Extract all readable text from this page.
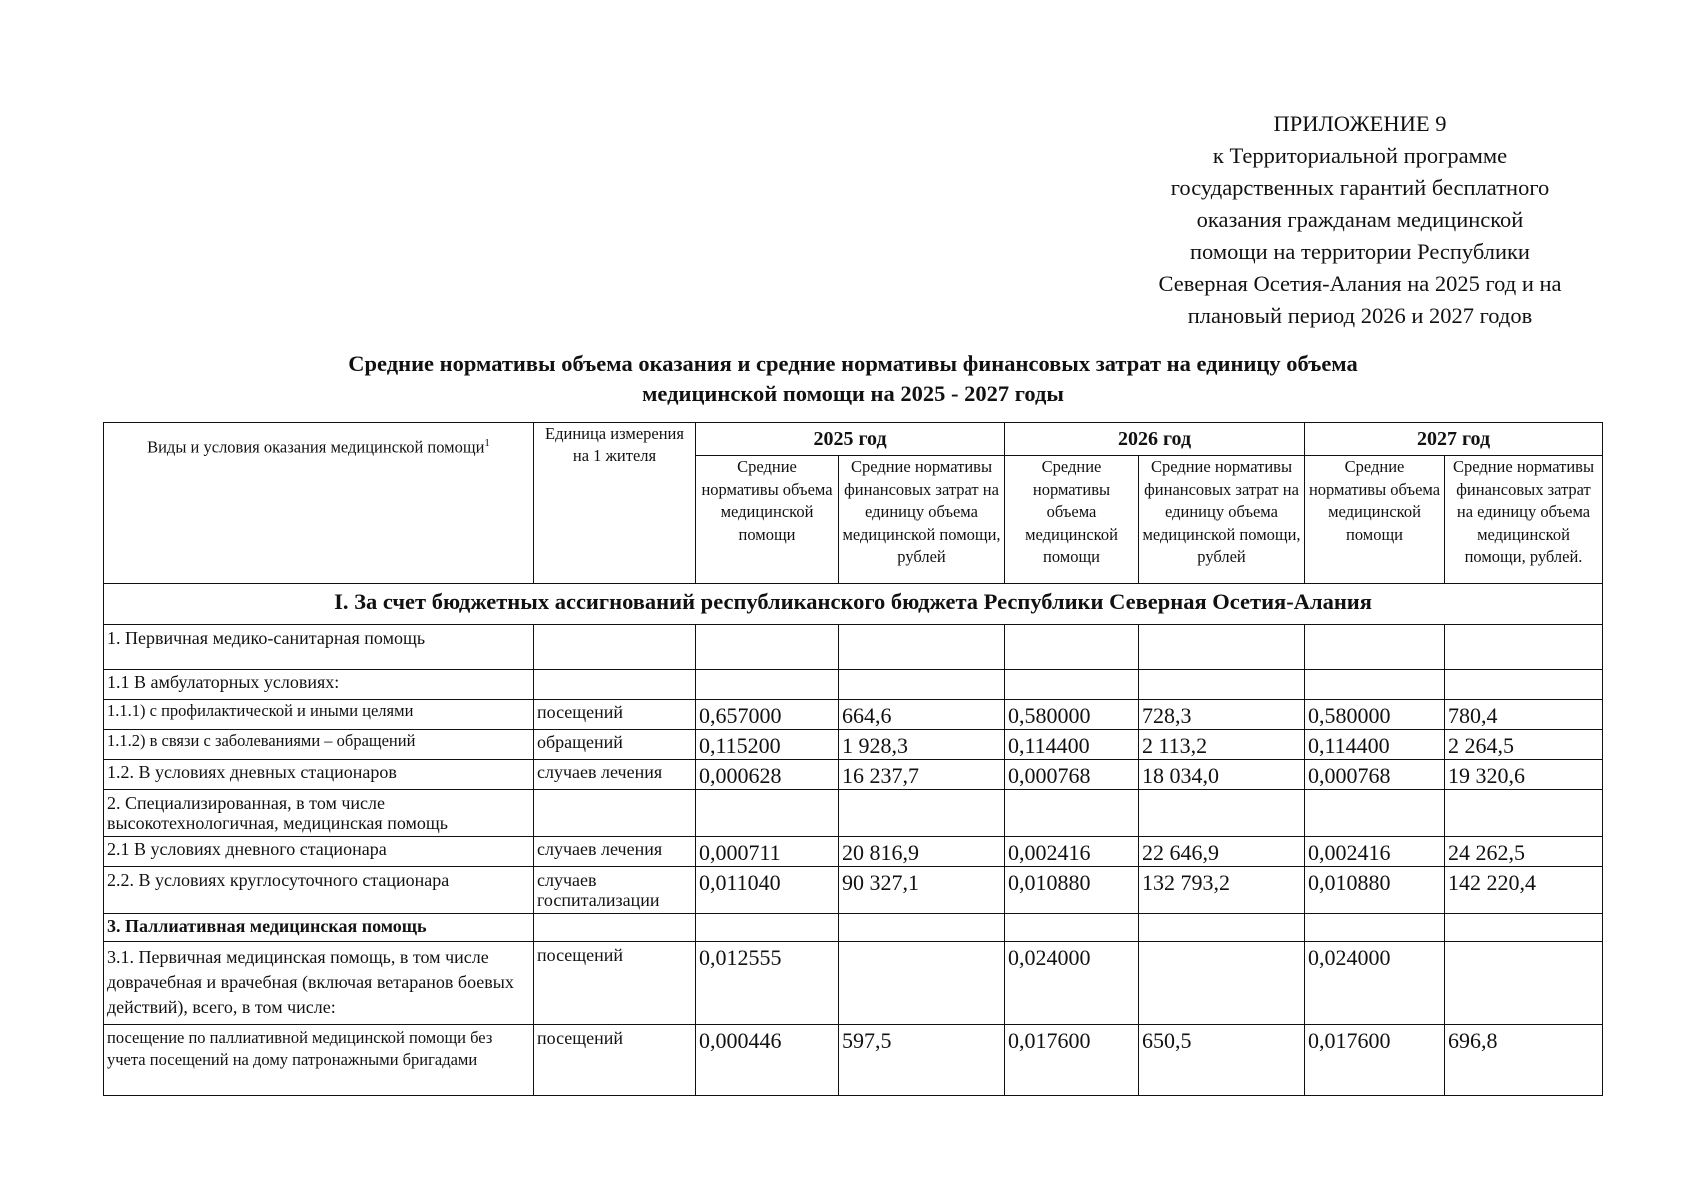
ПРИЛОЖЕНИЕ 9
к Территориальной программе
государственных гарантий бесплатного
оказания гражданам медицинской
помощи на территории Республики
Северная Осетия-Алания на 2025 год и на
плановый период 2026 и 2027 годов
Средние нормативы объема оказания и средние нормативы финансовых затрат на единицу объема
медицинской помощи на 2025 - 2027 годы
Виды и условия оказания медицинской помощи$^1$	Единица измерения на 1 жителя	2025 год		2026 год		2027 год	
		Средние нормативы объема медицинской помощи	Средние нормативы финансовых затрат на единицу объема медицинской помощи, рублей	Средние нормативы объема медицинской помощи	Средние нормативы финансовых затрат на единицу объема медицинской помощи, рублей	Средние нормативы объема медицинской помощи	Средние нормативы финансовых затрат на единицу объема медицинской помощи, рублей.
I. За счет бюджетных ассигнований республиканского бюджета Республики Северная Осетия-Алания							
1. Первичная медико-санитарная помощь							
1.1 В амбулаторных условиях:							
1.1.1) с профилактической и иными целями	посещений	0,657000	664,6	0,580000	728,3	0,580000	780,4
1.1.2) в связи с заболеваниями – обращений	обращений	0,115200	1 928,3	0,114400	2 113,2	0,114400	2 264,5
1.2. В условиях дневных стационаров	случаев лечения	0,000628	16 237,7	0,000768	18 034,0	0,000768	19 320,6
2. Специализированная, в том числе высокотехнологичная, медицинская помощь							
2.1 В условиях дневного стационара	случаев лечения	0,000711	20 816,9	0,002416	22 646,9	0,002416	24 262,5
2.2. В условиях круглосуточного стационара	случаев госпитализации	0,011040	90 327,1	0,010880	132 793,2	0,010880	142 220,4
3. Паллиативная медицинская помощь							
3.1. Первичная медицинская помощь, в том числе доврачебная и врачебная (включая ветаранов боевых действий), всего, в том числе:	посещений	0,012555		0,024000		0,024000	
посещение по паллиативной медицинской помощи без учета посещений на дому патронажными бригадами	посещений	0,000446	597,5	0,017600	650,5	0,017600	696,8
